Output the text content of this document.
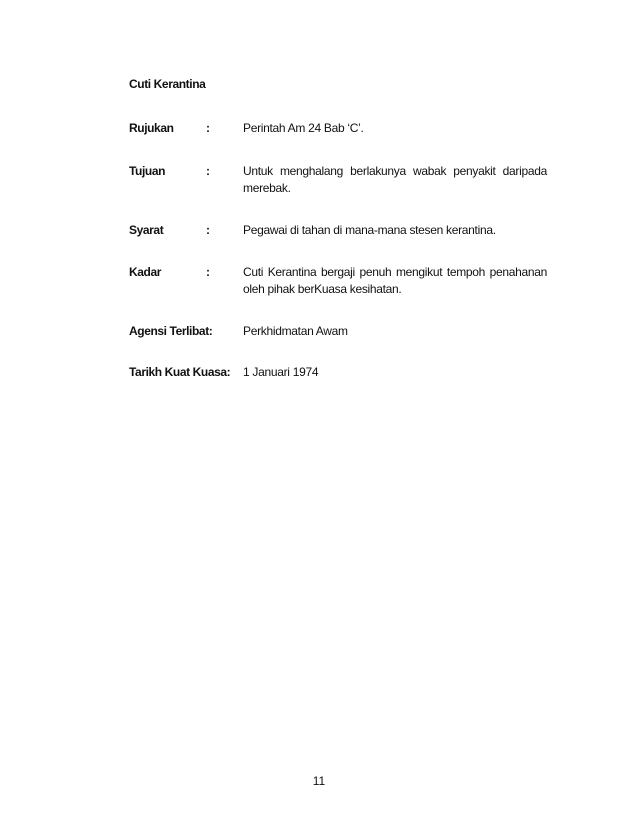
Cuti Kerantina
Rujukan	:	Perintah Am 24 Bab ‘C’.
Tujuan	:	Untuk menghalang berlakunya wabak penyakit daripada merebak.
Syarat	:	Pegawai di tahan di mana-mana stesen kerantina.
Kadar	:	Cuti Kerantina bergaji penuh mengikut tempoh penahanan oleh pihak berKuasa kesihatan.
Agensi Terlibat:	Perkhidmatan Awam
Tarikh Kuat Kuasa: 1 Januari 1974
11
